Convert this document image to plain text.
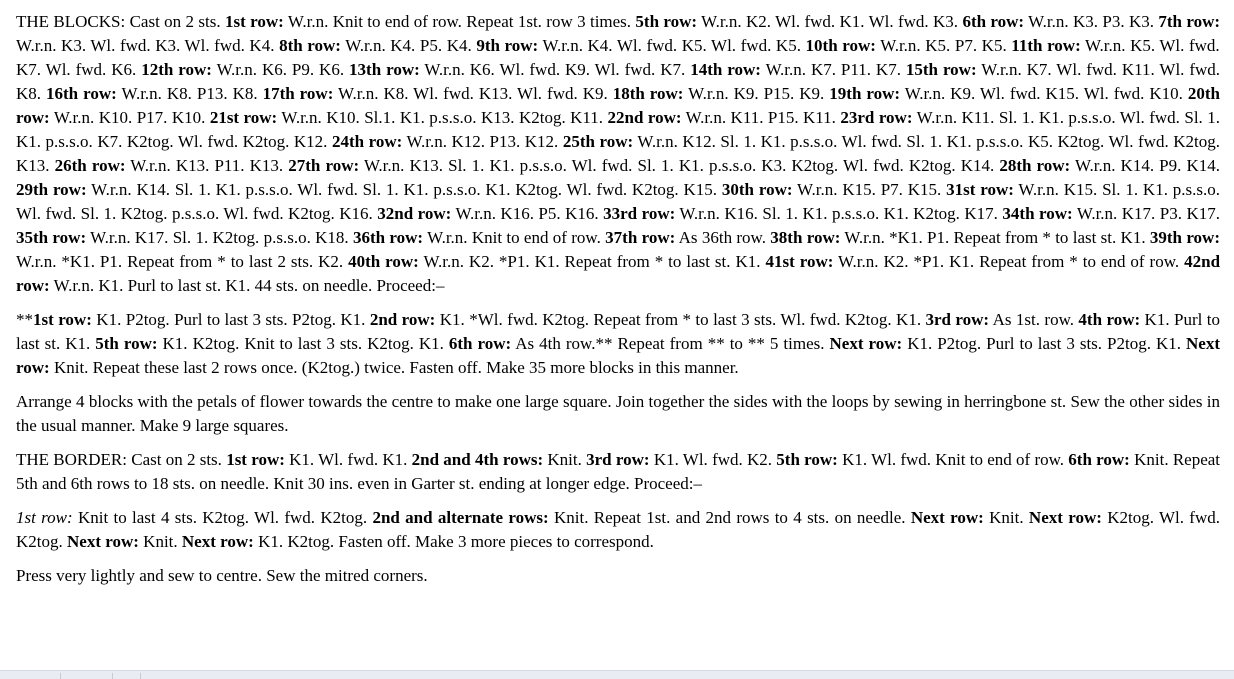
THE BLOCKS: Cast on 2 sts. 1st row: W.r.n. Knit to end of row. Repeat 1st. row 3 times. 5th row: W.r.n. K2. Wl. fwd. K1. Wl. fwd. K3. 6th row: W.r.n. K3. P3. K3. 7th row: W.r.n. K3. Wl. fwd. K3. Wl. fwd. K4. 8th row: W.r.n. K4. P5. K4. 9th row: W.r.n. K4. Wl. fwd. K5. Wl. fwd. K5. 10th row: W.r.n. K5. P7. K5. 11th row: W.r.n. K5. Wl. fwd. K7. Wl. fwd. K6. 12th row: W.r.n. K6. P9. K6. 13th row: W.r.n. K6. Wl. fwd. K9. Wl. fwd. K7. 14th row: W.r.n. K7. P11. K7. 15th row: W.r.n. K7. Wl. fwd. K11. Wl. fwd. K8. 16th row: W.r.n. K8. P13. K8. 17th row: W.r.n. K8. Wl. fwd. K13. Wl. fwd. K9. 18th row: W.r.n. K9. P15. K9. 19th row: W.r.n. K9. Wl. fwd. K15. Wl. fwd. K10. 20th row: W.r.n. K10. P17. K10. 21st row: W.r.n. K10. Sl.1. K1. p.s.s.o. K13. K2tog. K11. 22nd row: W.r.n. K11. P15. K11. 23rd row: W.r.n. K11. Sl. 1. K1. p.s.s.o. Wl. fwd. Sl. 1. K1. p.s.s.o. K7. K2tog. Wl. fwd. K2tog. K12. 24th row: W.r.n. K12. P13. K12. 25th row: W.r.n. K12. Sl. 1. K1. p.s.s.o. Wl. fwd. Sl. 1. K1. p.s.s.o. K5. K2tog. Wl. fwd. K2tog. K13. 26th row: W.r.n. K13. P11. K13. 27th row: W.r.n. K13. Sl. 1. K1. p.s.s.o. Wl. fwd. Sl. 1. K1. p.s.s.o. K3. K2tog. Wl. fwd. K2tog. K14. 28th row: W.r.n. K14. P9. K14. 29th row: W.r.n. K14. Sl. 1. K1. p.s.s.o. Wl. fwd. Sl. 1. K1. p.s.s.o. K1. K2tog. Wl. fwd. K2tog. K15. 30th row: W.r.n. K15. P7. K15. 31st row: W.r.n. K15. Sl. 1. K1. p.s.s.o. Wl. fwd. Sl. 1. K2tog. p.s.s.o. Wl. fwd. K2tog. K16. 32nd row: W.r.n. K16. P5. K16. 33rd row: W.r.n. K16. Sl. 1. K1. p.s.s.o. K1. K2tog. K17. 34th row: W.r.n. K17. P3. K17. 35th row: W.r.n. K17. Sl. 1. K2tog. p.s.s.o. K18. 36th row: W.r.n. Knit to end of row. 37th row: As 36th row. 38th row: W.r.n. *K1. P1. Repeat from * to last st. K1. 39th row: W.r.n. *K1. P1. Repeat from * to last 2 sts. K2. 40th row: W.r.n. K2. *P1. K1. Repeat from * to last st. K1. 41st row: W.r.n. K2. *P1. K1. Repeat from * to end of row. 42nd row: W.r.n. K1. Purl to last st. K1. 44 sts. on needle. Proceed:–

**1st row: K1. P2tog. Purl to last 3 sts. P2tog. K1. 2nd row: K1. *Wl. fwd. K2tog. Repeat from * to last 3 sts. Wl. fwd. K2tog. K1. 3rd row: As 1st. row. 4th row: K1. Purl to last st. K1. 5th row: K1. K2tog. Knit to last 3 sts. K2tog. K1. 6th row: As 4th row.** Repeat from ** to ** 5 times. Next row: K1. P2tog. Purl to last 3 sts. P2tog. K1. Next row: Knit. Repeat these last 2 rows once. (K2tog.) twice. Fasten off. Make 35 more blocks in this manner.

Arrange 4 blocks with the petals of flower towards the centre to make one large square. Join together the sides with the loops by sewing in herringbone st. Sew the other sides in the usual manner. Make 9 large squares.

THE BORDER: Cast on 2 sts. 1st row: K1. Wl. fwd. K1. 2nd and 4th rows: Knit. 3rd row: K1. Wl. fwd. K2. 5th row: K1. Wl. fwd. Knit to end of row. 6th row: Knit. Repeat 5th and 6th rows to 18 sts. on needle. Knit 30 ins. even in Garter st. ending at longer edge. Proceed:–

1st row: Knit to last 4 sts. K2tog. Wl. fwd. K2tog. 2nd and alternate rows: Knit. Repeat 1st. and 2nd rows to 4 sts. on needle. Next row: Knit. Next row: K2tog. Wl. fwd. K2tog. Next row: Knit. Next row: K1. K2tog. Fasten off. Make 3 more pieces to correspond.

Press very lightly and sew to centre. Sew the mitred corners.
